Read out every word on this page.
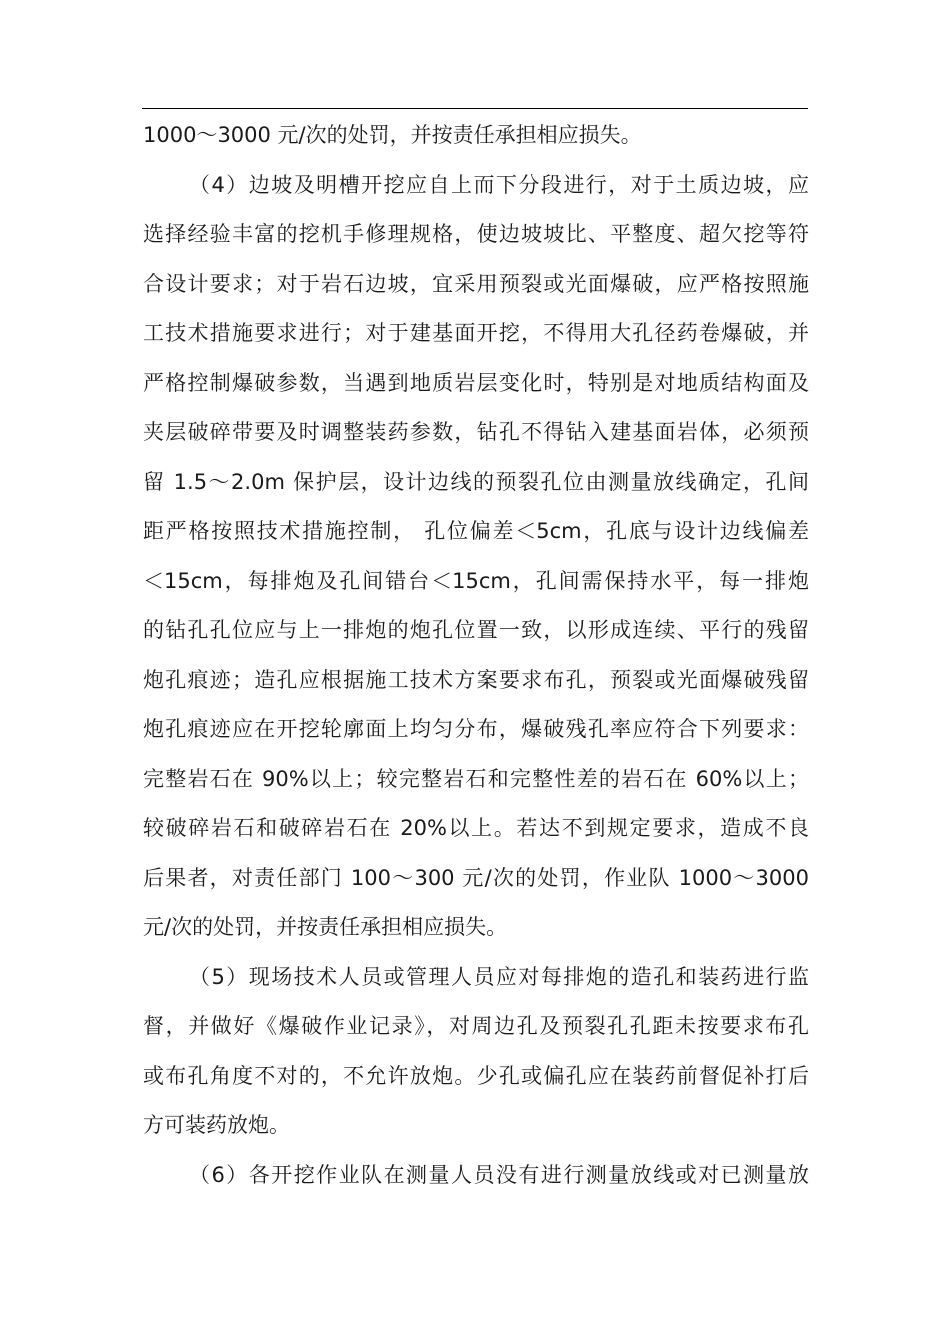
1000～3000 元/次的处罚，并按责任承担相应损失。
（4）边坡及明槽开挖应自上而下分段进行，对于土质边坡，应
选择经验丰富的挖机手修理规格，使边坡坡比、平整度、超欠挖等符
合设计要求；对于岩石边坡，宜采用预裂或光面爆破，应严格按照施
工技术措施要求进行；对于建基面开挖，不得用大孔径药卷爆破，并
严格控制爆破参数，当遇到地质岩层变化时，特别是对地质结构面及
夹层破碎带要及时调整装药参数，钻孔不得钻入建基面岩体，必须预
留 1.5～2.0m 保护层，设计边线的预裂孔位由测量放线确定，孔间
距严格按照技术措施控制， 孔位偏差＜5cm，孔底与设计边线偏差
＜15cm，每排炮及孔间错台＜15cm，孔间需保持水平，每一排炮
的钻孔孔位应与上一排炮的炮孔位置一致，以形成连续、平行的残留
炮孔痕迹；造孔应根据施工技术方案要求布孔，预裂或光面爆破残留
炮孔痕迹应在开挖轮廓面上均匀分布，爆破残孔率应符合下列要求：
完整岩石在 90%以上；较完整岩石和完整性差的岩石在 60%以上；
较破碎岩石和破碎岩石在 20%以上。若达不到规定要求，造成不良
后果者，对责任部门 100～300 元/次的处罚，作业队 1000～3000
元/次的处罚，并按责任承担相应损失。
（5）现场技术人员或管理人员应对每排炮的造孔和装药进行监
督，并做好《爆破作业记录》，对周边孔及预裂孔孔距未按要求布孔
或布孔角度不对的，不允许放炮。少孔或偏孔应在装药前督促补打后
方可装药放炮。
（6）各开挖作业队在测量人员没有进行测量放线或对已测量放
